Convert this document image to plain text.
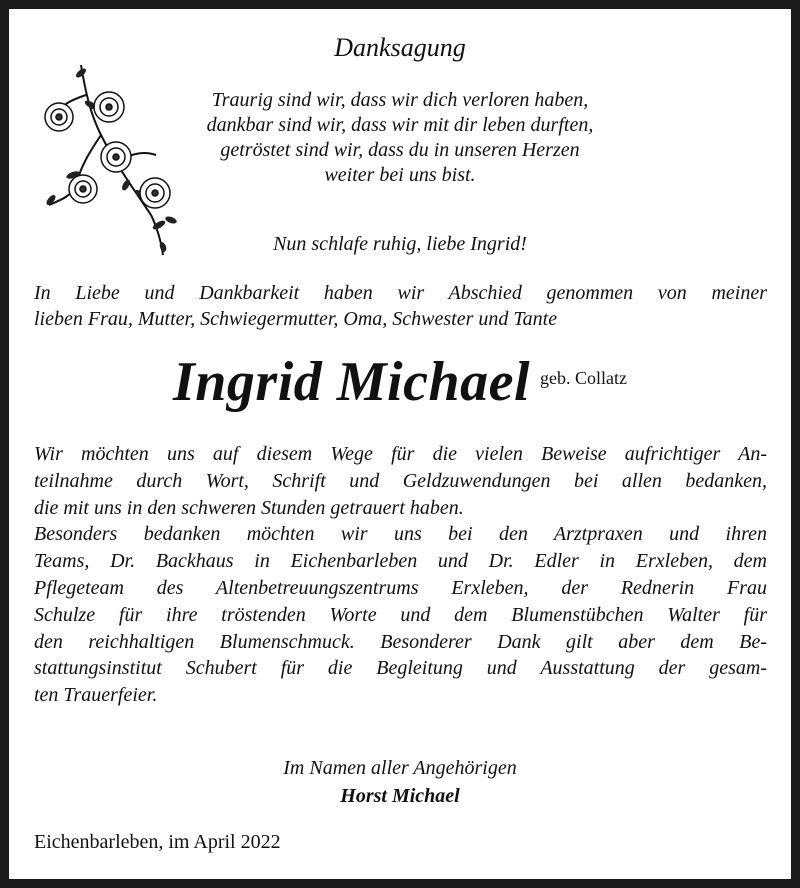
Danksagung
Traurig sind wir, dass wir dich verloren haben,
dankbar sind wir, dass wir mit dir leben durften,
getröstet sind wir, dass du in unseren Herzen
weiter bei uns bist.
Nun schlafe ruhig, liebe Ingrid!
In Liebe und Dankbarkeit haben wir Abschied genommen von meiner
lieben Frau, Mutter, Schwiegermutter, Oma, Schwester und Tante
Ingrid Michael geb. Collatz
Wir möchten uns auf diesem Wege für die vielen Beweise aufrichtiger An-
teilnahme durch Wort, Schrift und Geldzuwendungen bei allen bedanken,
die mit uns in den schweren Stunden getrauert haben.
Besonders bedanken möchten wir uns bei den Arztpraxen und ihren
Teams, Dr. Backhaus in Eichenbarleben und Dr. Edler in Erxleben, dem
Pflegeteam des Altenbetreuungszentrums Erxleben, der Rednerin Frau
Schulze für ihre tröstenden Worte und dem Blumenstübchen Walter für
den reichhaltigen Blumenschmuck. Besonderer Dank gilt aber dem Be-
stattungsinstitut Schubert für die Begleitung und Ausstattung der gesam-
ten Trauerfeier.
Im Namen aller Angehörigen
Horst Michael
Eichenbarleben, im April 2022
